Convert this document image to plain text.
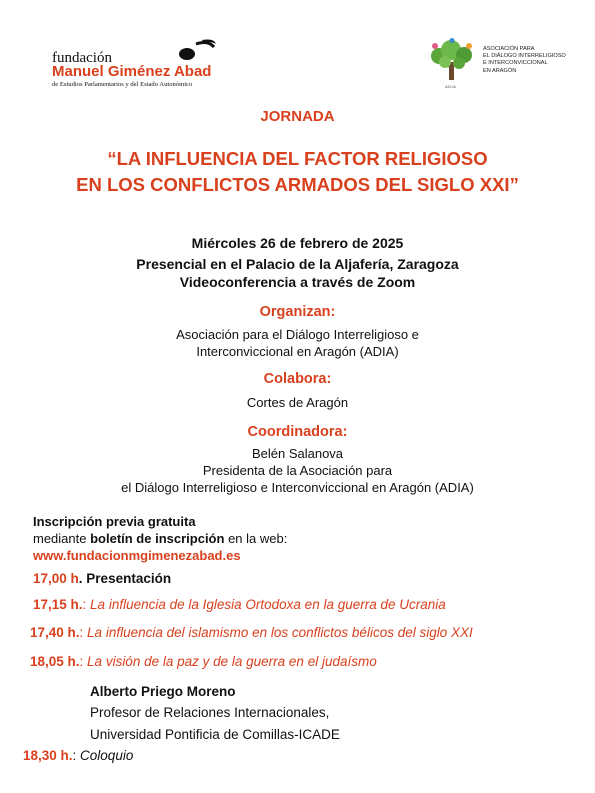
fundación
Manuel Giménez Abad
de Estudios Parlamentarios y del Estado Autonómico
ASOCIACIÓN PARA
EL DIÁLOGO INTERRELIGIOSO
E INTERCONVICCIONAL
EN ARAGÓN
ADIA
JORNADA
“LA INFLUENCIA DEL FACTOR RELIGIOSO
EN LOS CONFLICTOS ARMADOS DEL SIGLO XXI”
Miércoles 26 de febrero de 2025
Presencial en el Palacio de la Aljafería, Zaragoza
Videoconferencia a través de Zoom
Organizan:
Asociación para el Diálogo Interreligioso e
Interconviccional en Aragón (ADIA)
Colabora:
Cortes de Aragón
Coordinadora:
Belén Salanova
Presidenta de la Asociación para
el Diálogo Interreligioso e Interconviccional en Aragón (ADIA)
Inscripción previa gratuita
mediante boletín de inscripción en la web:
www.fundacionmgimenezabad.es
17,00 h. Presentación
17,15 h.: La influencia de la Iglesia Ortodoxa en la guerra de Ucrania
17,40 h.: La influencia del islamismo en los conflictos bélicos del siglo XXI
18,05 h.: La visión de la paz y de la guerra en el judaísmo
Alberto Priego Moreno
Profesor de Relaciones Internacionales,
Universidad Pontificia de Comillas-ICADE
18,30 h.: Coloquio
